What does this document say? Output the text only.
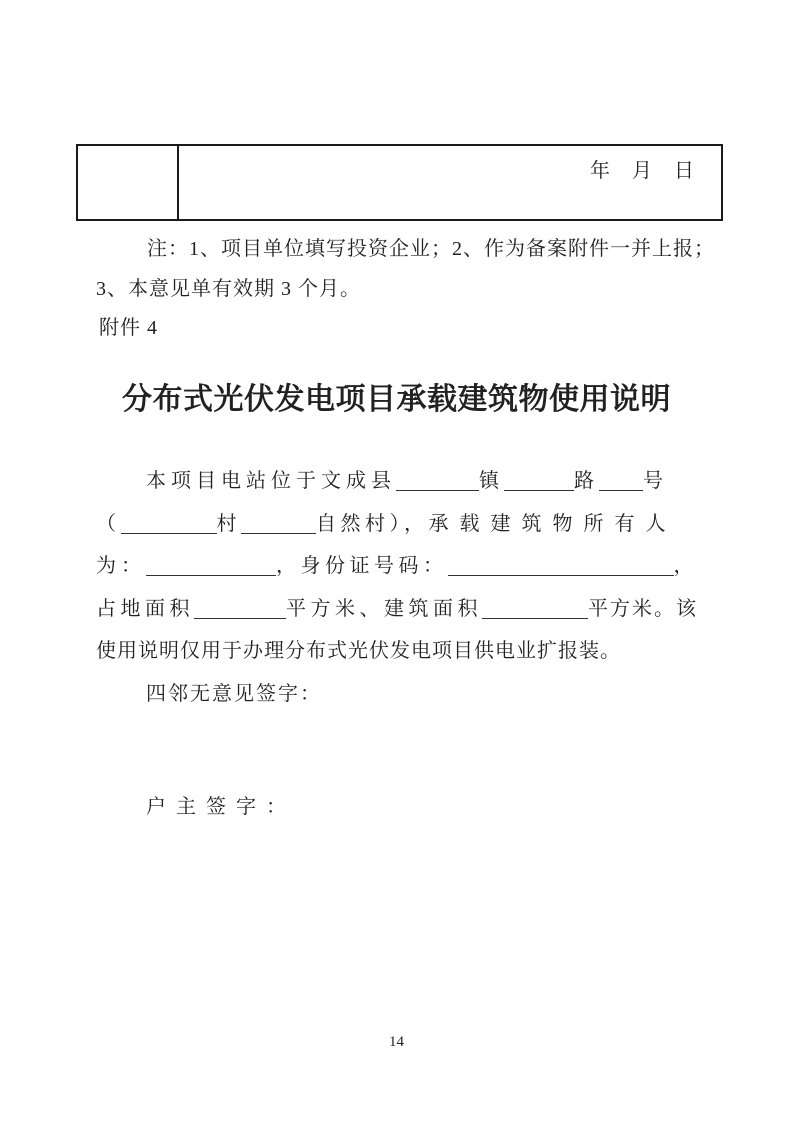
年　月　日
注：1、项目单位填写投资企业；2、作为备案附件一并上报；
3、本意见单有效期 3 个月。
附件 4
分布式光伏发电项目承载建筑物使用说明
本项目电站位于文成县	镇	路 号
（	村	自然村），承载建筑物所有人
为：	，身份证号码：	，
占地面积	平方米、建筑面积	平方米。该
使用说明仅用于办理分布式光伏发电项目供电业扩报装。
四邻无意见签字：
户主签字：
14
